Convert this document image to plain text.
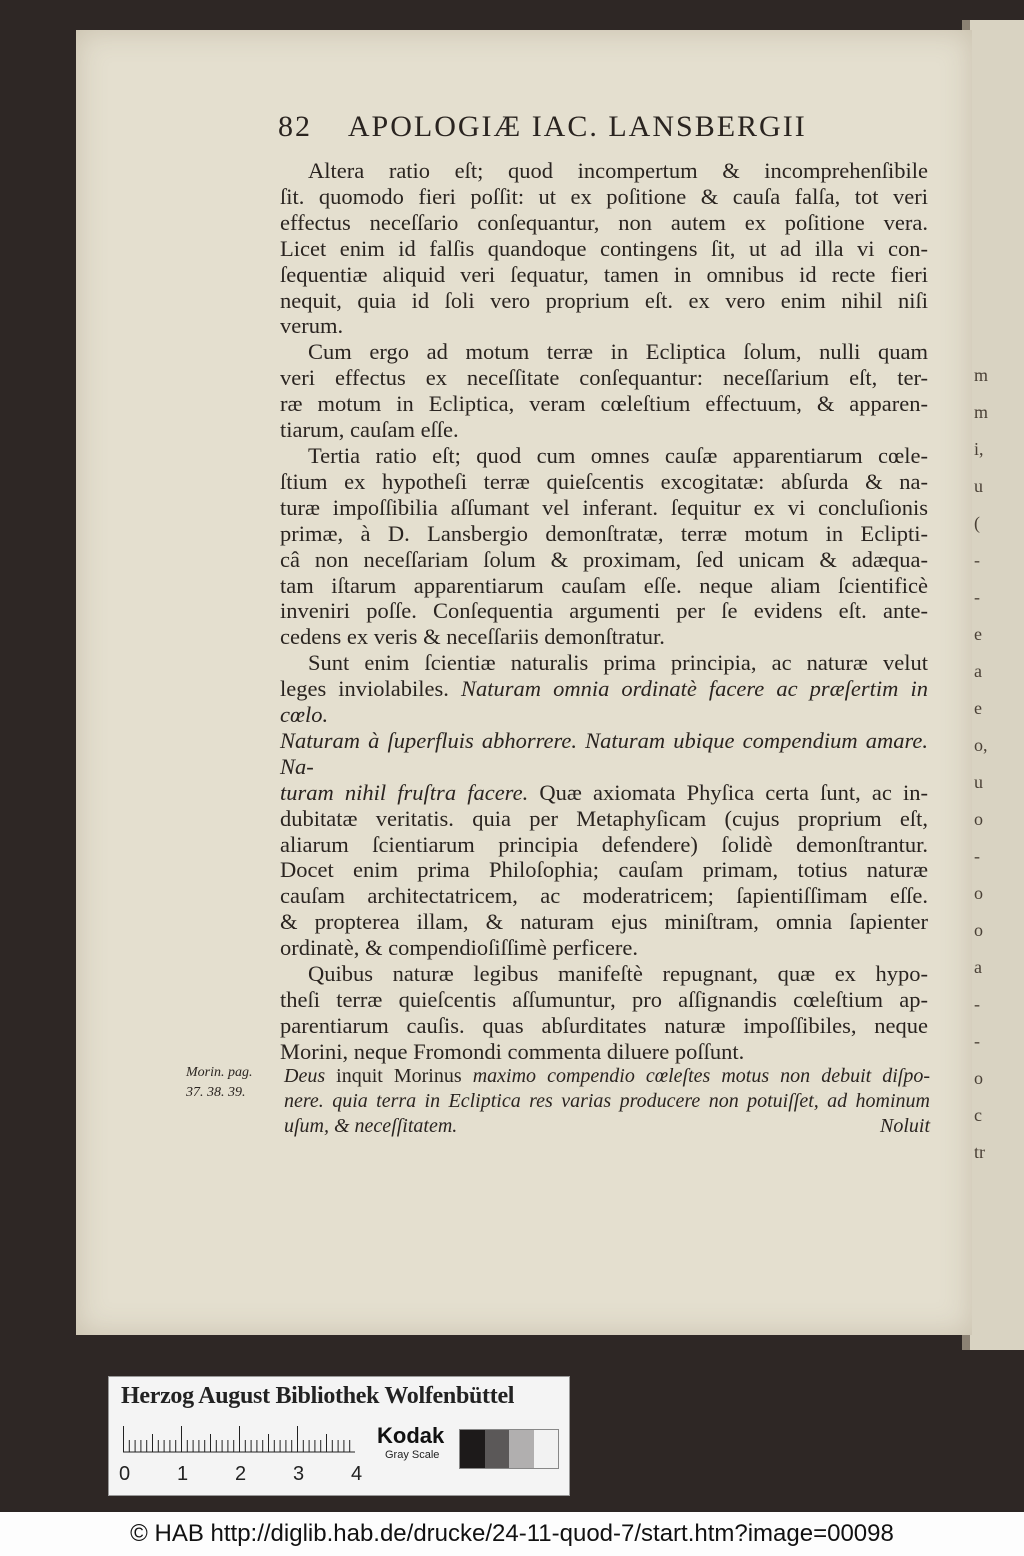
m
m
i,
u
(
-
-
e
a
e
o,
u
o
-
o
o
a
-
-
o
c
tr
82 APOLOGIÆ IAC. LANSBERGII
Altera ratio eſt; quod incompertum & incomprehenſibile
ſit. quomodo fieri poſſit: ut ex poſitione & cauſa falſa, tot veri
effectus neceſſario conſequantur, non autem ex poſitione vera.
Licet enim id falſis quandoque contingens ſit, ut ad illa vi con-
ſequentiæ aliquid veri ſequatur, tamen in omnibus id recte fieri
nequit, quia id ſoli vero proprium eſt. ex vero enim nihil niſi
verum.
Cum ergo ad motum terræ in Ecliptica ſolum, nulli quam
veri effectus ex neceſſitate conſequantur: neceſſarium eſt, ter-
ræ motum in Ecliptica, veram cœleſtium effectuum, & apparen-
tiarum, cauſam eſſe.
Tertia ratio eſt; quod cum omnes cauſæ apparentiarum cœle-
ſtium ex hypotheſi terræ quieſcentis excogitatæ: abſurda & na-
turæ impoſſibilia aſſumant vel inferant. ſequitur ex vi concluſionis
primæ, à D. Lansbergio demonſtratæ, terræ motum in Eclipti-
câ non neceſſariam ſolum & proximam, ſed unicam & adæqua-
tam iſtarum apparentiarum cauſam eſſe. neque aliam ſcientificè
inveniri poſſe. Conſequentia argumenti per ſe evidens eſt. ante-
cedens ex veris & neceſſariis demonſtratur.
Sunt enim ſcientiæ naturalis prima principia, ac naturæ velut
leges inviolabiles. Naturam omnia ordinatè facere ac præſertim in cœlo.
Naturam à ſuperfluis abhorrere. Naturam ubique compendium amare. Na-
turam nihil fruſtra facere. Quæ axiomata Phyſica certa ſunt, ac in-
dubitatæ veritatis. quia per Metaphyſicam (cujus proprium eſt,
aliarum ſcientiarum principia defendere) ſolidè demonſtrantur.
Docet enim prima Philoſophia; cauſam primam, totius naturæ
cauſam architectatricem, ac moderatricem; ſapientiſſimam eſſe.
& propterea illam, & naturam ejus miniſtram, omnia ſapienter
ordinatè, & compendioſiſſimè perficere.
Quibus naturæ legibus manifeſtè repugnant, quæ ex hypo-
theſi terræ quieſcentis aſſumuntur, pro aſſignandis cœleſtium ap-
parentiarum cauſis. quas abſurditates naturæ impoſſibiles, neque
Morini, neque Fromondi commenta diluere poſſunt.
Morin. pag.
37. 38. 39.
Deus inquit Morinus maximo compendio cœleſtes motus non debuit diſpo-
nere. quia terra in Ecliptica res varias producere non potuiſſet, ad hominum
uſum, & neceſſitatem.	Noluit
Herzog August Bibliothek Wolfenbüttel
0 1 2 3 4
Kodak
Gray Scale
© HAB http://diglib.hab.de/drucke/24-11-quod-7/start.htm?image=00098
